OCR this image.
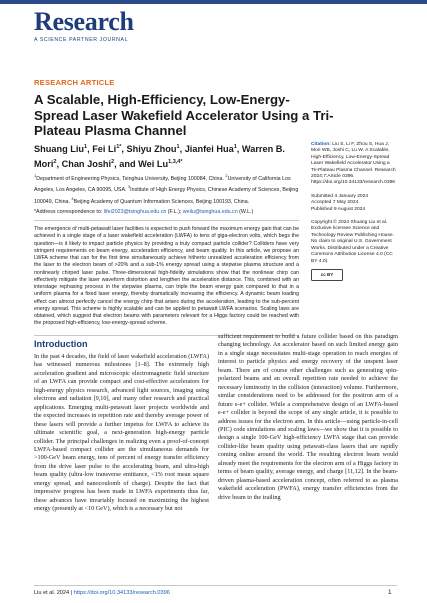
Research
A SCIENCE PARTNER JOURNAL
RESEARCH ARTICLE
A Scalable, High-Efficiency, Low-Energy-Spread Laser Wakefield Accelerator Using a Tri-Plateau Plasma Channel
Shuang Liu$^1$, Fei $Li^{1*}$, Shiyu Zhou$^1$, Jianfei Hua$^1$, Warren B. Mori$^2$, Chan Joshi$^2$, and Wei $Lu^{1,3,4*}$
$^1$Department of Engineering Physics, Tsinghua University, Beijing 100084, China. $^2$University of California Los Angeles, Los Angeles, CA 90095, USA. $^3$Institute of High Energy Physics, Chinese Academy of Sciences, Beijing 100049, China. $^4$Beijing Academy of Quantum Information Sciences, Beijing 100193, China.
*Address correspondence to: lifei2023@tsinghua.edu.cn (F.L.); weilu@tsinghua.edu.cn (W.L.)

The emergence of multi-petawatt laser facilities is expected to push forward the maximum energy gain that can be achieved in a single stage of a laser wakefield acceleration (LWFA) to tens of giga-electron volts, which begs the question—is it likely to impact particle physics by providing a truly compact particle collider? Colliders have very stringent requirements on beam energy, acceleration efficiency, and beam quality. In this article, we propose an LWFA scheme that can for the first time simultaneously achieve hitherto unrealized acceleration efficiency from the laser to the electron beam of >20% and a sub-1% energy spread using a stepwise plasma structure and a nonlinearly chirped laser pulse. Three-dimensional high-fidelity simulations show that the nonlinear chirp can effectively mitigate the laser waveform distortion and lengthen the acceleration distance. This, combined with an interstage rephasing process in the stepwise plasma, can triple the beam energy gain compared to that in a uniform plasma for a fixed laser energy, thereby dramatically increasing the efficiency. A dynamic beam loading effect can almost perfectly cancel the energy chirp that arises during the acceleration, leading to the sub-percent energy spread. This scheme is highly scalable and can be applied to petawatt LWFA scenarios. Scaling laws are obtained, which suggest that electron beams with parameters relevant for a Higgs factory could be reached with the proposed high-efficiency, low-energy-spread scheme.

Citation: Liu S, Li F, Zhou S, Hua J, Mori WB, Joshi C, Lu W. A Scalable, High-Efficiency, Low-Energy-Spread Laser Wakefield Accelerator Using a Tri-Plateau Plasma Channel. Research 2024;7:Article 0396. https://doi.org/10.34133/research.0396
Submitted 4 January 2024
Accepted 7 May 2024
Published 9 August 2024
Copyright © 2024 Shuang Liu et al. Exclusive licensee Science and Technology Review Publishing House. No claim to original U.S. Government Works. Distributed under a Creative Commons Attribution License 4.0 (CC BY 4.0).
cc BY
Introduction

In the past 4 decades, the field of laser wakefield acceleration (LWFA) has witnessed numerous milestones [1–8]. The extremely high acceleration gradient and microscopic electromagnetic field structure of an LWFA can provide compact and cost-effective accelerators for high-energy physics research, advanced light sources, imaging using electrons and radiation [9,10], and many other research and practical applications. Emerging multi-petawatt laser projects worldwide and the expected increases in repetition rate and thereby average power of these lasers will provide a further impetus for LWFA to achieve its ultimate scientific goal, a next-generation high-energy particle collider. The principal challenges in realizing even a proof-of-concept LWFA-based compact collider are the simultaneous demands for >100-GeV beam energy, tens of percent of energy transfer efficiency from the drive laser pulse to the accelerating beam, and ultra-high beam quality (ultra-low transverse emittance, <1% root mean square energy spread, and nanocoulomb of charge). Despite the fact that impressive progress has been made in LWFA experiments thus far, these advances have invariably focused on maximizing the highest energy (presently at <10 GeV), which is a necessary but not

sufficient requirement to build a future collider based on this paradigm changing technology. An accelerator based on such limited energy gain in a single stage necessitates multi-stage operation to reach energies of interest to particle physics and energy recovery of the unspent laser beam. There are of course other challenges such as generating spin-polarized beams and an overall repetition rate needed to achieve the necessary luminosity in the collision (interaction) volume. Furthermore, similar considerations need to be addressed for the positron arm of a future e-e+ collider. While a comprehensive design of an LWFA-based e-e+ collider is beyond the scope of any single article, it is possible to address issues for the electron arm. In this article—using particle-in-cell (PIC) code simulations and scaling laws—we show that it is possible to design a single 100-GeV high-efficiency LWFA stage that can provide collider-like beam quality using petawatt-class lasers that are rapidly coming online around the world. The resulting electron beam would already meet the requirements for the electron arm of a Higgs factory in terms of beam quality, average energy, and charge [11,12]. In the beam-driven plasma-based acceleration concept, often referred to as plasma wakefield acceleration (PWFA), energy transfer efficiencies from the drive beam to the trailing

Liu et al. 2024 | https://doi.org/10.34133/research.0396	1
